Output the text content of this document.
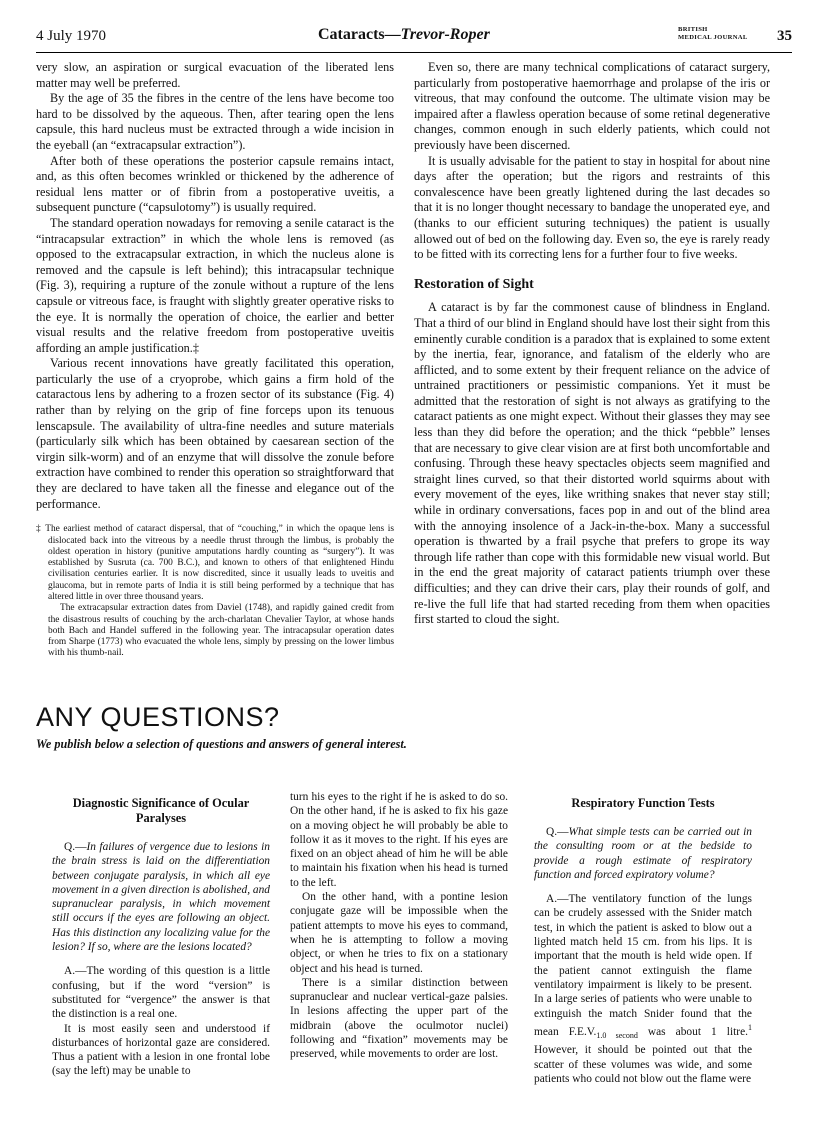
4 July 1970	Cataracts—Trevor-Roper	BRITISH
MEDICAL JOURNAL 35

very slow, an aspiration or surgical evacuation of the liberated lens matter may well be preferred.

By the age of 35 the fibres in the centre of the lens have become too hard to be dissolved by the aqueous. Then, after tearing open the lens capsule, this hard nucleus must be extracted through a wide incision in the eyeball (an “extracapsular extraction”).

After both of these operations the posterior capsule remains intact, and, as this often becomes wrinkled or thickened by the adherence of residual lens matter or of fibrin from a postoperative uveitis, a subsequent puncture (“capsulotomy”) is usually required.

The standard operation nowadays for removing a senile cataract is the “intracapsular extraction” in which the whole lens is removed (as opposed to the extracapsular extraction, in which the nucleus alone is removed and the capsule is left behind); this intracapsular technique (Fig. 3), requiring a rupture of the zonule without a rupture of the lens capsule or vitreous face, is fraught with slightly greater operative risks to the eye. It is normally the operation of choice, the earlier and better visual results and the relative freedom from postoperative uveitis affording an ample justification.‡

Various recent innovations have greatly facilitated this operation, particularly the use of a cryoprobe, which gains a firm hold of the cataractous lens by adhering to a frozen sector of its substance (Fig. 4) rather than by relying on the grip of fine forceps upon its tenuous lenscapsule. The availability of ultra-fine needles and suture materials (particularly silk which has been obtained by caesarean section of the virgin silk-worm) and of an enzyme that will dissolve the zonule before extraction have combined to render this operation so straightforward that they are declared to have taken all the finesse and elegance out of the performance.

‡ The earliest method of cataract dispersal, that of “couching,” in which the opaque lens is dislocated back into the vitreous by a needle thrust through the limbus, is probably the oldest operation in history (punitive amputations hardly counting as “surgery”). It was established by Susruta (ca. 700 B.C.), and known to others of that enlightened Hindu civilisation centuries earlier. It is now discredited, since it usually leads to uveitis and glaucoma, but in remote parts of India it is still being performed by a technique that has altered little in over three thousand years.

The extracapsular extraction dates from Daviel (1748), and rapidly gained credit from the disastrous results of couching by the arch-charlatan Chevalier Taylor, at whose hands both Bach and Handel suffered in the following year. The intracapsular operation dates from Sharpe (1773) who evacuated the whole lens, simply by pressing on the lower limbus with his thumb-nail.

Even so, there are many technical complications of cataract surgery, particularly from postoperative haemorrhage and prolapse of the iris or vitreous, that may confound the outcome. The ultimate vision may be impaired after a flawless operation because of some retinal degenerative changes, common enough in such elderly patients, which could not previously have been discerned.

It is usually advisable for the patient to stay in hospital for about nine days after the operation; but the rigors and restraints of this convalescence have been greatly lightened during the last decades so that it is no longer thought necessary to bandage the unoperated eye, and (thanks to our efficient suturing techniques) the patient is usually allowed out of bed on the following day. Even so, the eye is rarely ready to be fitted with its correcting lens for a further four to five weeks.

Restoration of Sight

A cataract is by far the commonest cause of blindness in England. That a third of our blind in England should have lost their sight from this eminently curable condition is a paradox that is explained to some extent by the inertia, fear, ignorance, and fatalism of the elderly who are afflicted, and to some extent by their frequent reliance on the advice of untrained practitioners or pessimistic companions. Yet it must be admitted that the restoration of sight is not always as gratifying to the cataract patients as one might expect. Without their glasses they may see less than they did before the operation; and the thick “pebble” lenses that are necessary to give clear vision are at first both uncomfortable and confusing. Through these heavy spectacles objects seem magnified and straight lines curved, so that their distorted world squirms about with every movement of the eyes, like writhing snakes that never stay still; while in ordinary conversations, faces pop in and out of the blind area with the annoying insolence of a Jack-in-the-box. Many a successful operation is thwarted by a frail psyche that prefers to grope its way through life rather than cope with this formidable new visual world. But in the end the great majority of cataract patients triumph over these difficulties; and they can drive their cars, play their rounds of golf, and re-live the full life that had started receding from them when opacities first started to cloud the sight.

ANY QUESTIONS?
We publish below a selection of questions and answers of general interest.
Diagnostic Significance of Ocular Paralyses

Q.—In failures of vergence due to lesions in the brain stress is laid on the differentiation between conjugate paralysis, in which all eye movement in a given direction is abolished, and supranuclear paralysis, in which movement still occurs if the eyes are following an object. Has this distinction any localizing value for the lesion? If so, where are the lesions located?

A.—The wording of this question is a little confusing, but if the word “version” is substituted for “vergence” the answer is that the distinction is a real one.

It is most easily seen and understood if disturbances of horizontal gaze are considered. Thus a patient with a lesion in one frontal lobe (say the left) may be unable to

turn his eyes to the right if he is asked to do so. On the other hand, if he is asked to fix his gaze on a moving object he will probably be able to follow it as it moves to the right. If his eyes are fixed on an object ahead of him he will be able to maintain his fixation when his head is turned to the left.

On the other hand, with a pontine lesion conjugate gaze will be impossible when the patient attempts to move his eyes to command, when he is attempting to follow a moving object, or when he tries to fix on a stationary object and his head is turned.

There is a similar distinction between supranuclear and nuclear vertical-gaze palsies. In lesions affecting the upper part of the midbrain (above the oculmotor nuclei) following and “fixation” movements may be preserved, while movements to order are lost.

Respiratory Function Tests

Q.—What simple tests can be carried out in the consulting room or at the bedside to provide a rough estimate of respiratory function and forced expiratory volume?

A.—The ventilatory function of the lungs can be crudely assessed with the Snider match test, in which the patient is asked to blow out a lighted match held 15 cm. from his lips. It is important that the mouth is held wide open. If the patient cannot extinguish the flame ventilatory impairment is likely to be present. In a large series of patients who were unable to extinguish the match Snider found that the mean $F.E.V._{1.0 second}$ was about 1 litre.$^1$ However, it should be pointed out that the scatter of these volumes was wide, and some patients who could not blow out the flame were
